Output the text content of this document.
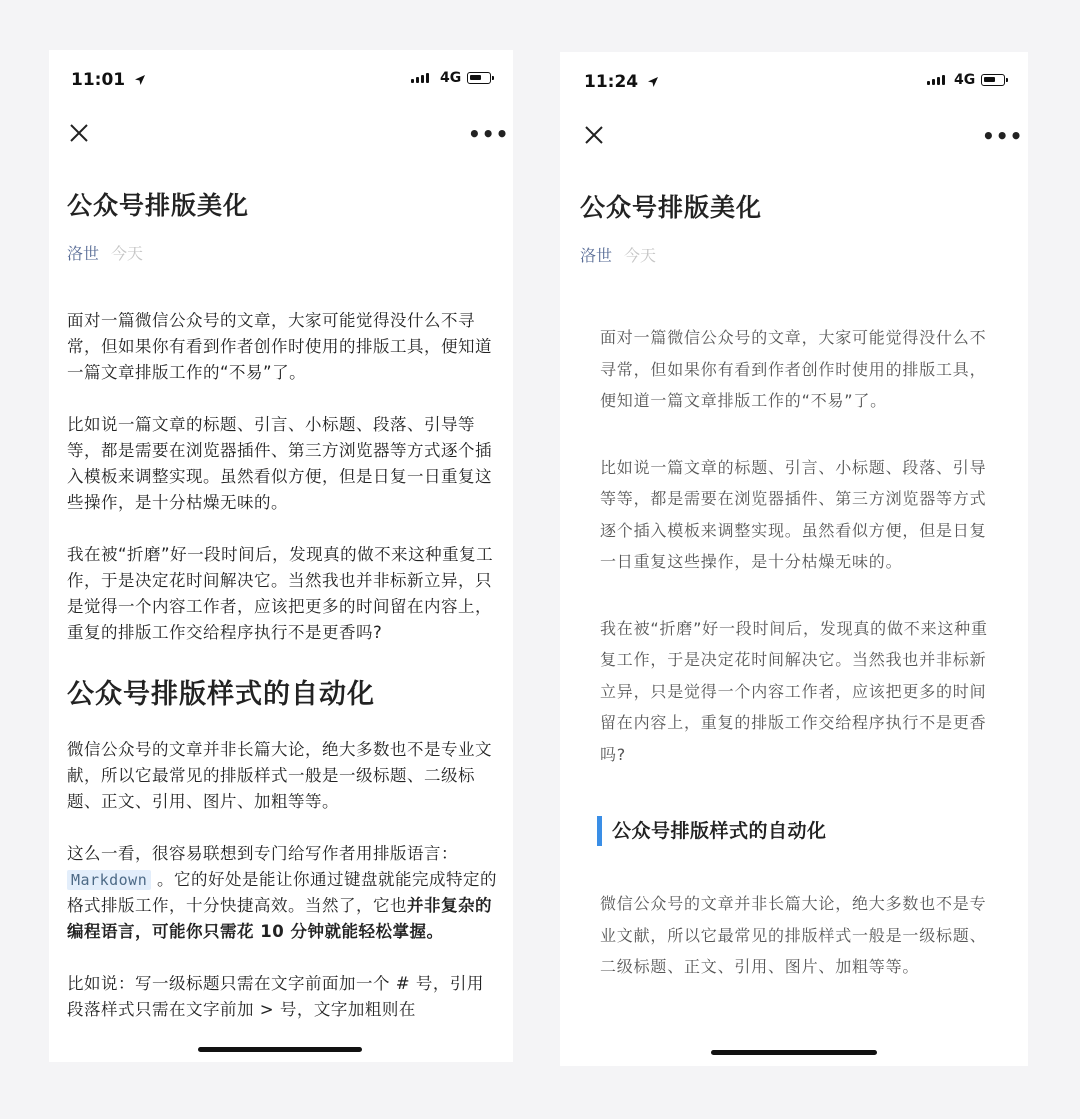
11:01	4G
•••
公众号排版美化
洛世 今天

面对一篇微信公众号的文章，大家可能觉得没什么不寻常，但如果你有看到作者创作时使用的排版工具，便知道一篇文章排版工作的“不易”了。

比如说一篇文章的标题、引言、小标题、段落、引导等等，都是需要在浏览器插件、第三方浏览器等方式逐个插入模板来调整实现。虽然看似方便，但是日复一日重复这些操作，是十分枯燥无味的。

我在被“折磨”好一段时间后，发现真的做不来这种重复工作，于是决定花时间解决它。当然我也并非标新立异，只是觉得一个内容工作者，应该把更多的时间留在内容上，重复的排版工作交给程序执行不是更香吗?

公众号排版样式的自动化

微信公众号的文章并非长篇大论，绝大多数也不是专业文献，所以它最常见的排版样式一般是一级标题、二级标题、正文、引用、图片、加粗等等。

这么一看，很容易联想到专门给写作者用排版语言： Markdown 。它的好处是能让你通过键盘就能完成特定的格式排版工作，十分快捷高效。当然了，它也并非复杂的编程语言，可能你只需花 10 分钟就能轻松掌握。

比如说：写一级标题只需在文字前面加一个 # 号，引用段落样式只需在文字前加 > 号，文字加粗则在

11:24	4G
•••
公众号排版美化
洛世 今天

面对一篇微信公众号的文章，大家可能觉得没什么不寻常，但如果你有看到作者创作时使用的排版工具，便知道一篇文章排版工作的“不易”了。

比如说一篇文章的标题、引言、小标题、段落、引导等等，都是需要在浏览器插件、第三方浏览器等方式逐个插入模板来调整实现。虽然看似方便，但是日复一日重复这些操作，是十分枯燥无味的。

我在被“折磨”好一段时间后，发现真的做不来这种重复工作，于是决定花时间解决它。当然我也并非标新立异，只是觉得一个内容工作者，应该把更多的时间留在内容上，重复的排版工作交给程序执行不是更香吗?

公众号排版样式的自动化

微信公众号的文章并非长篇大论，绝大多数也不是专业文献，所以它最常见的排版样式一般是一级标题、二级标题、正文、引用、图片、加粗等等。
